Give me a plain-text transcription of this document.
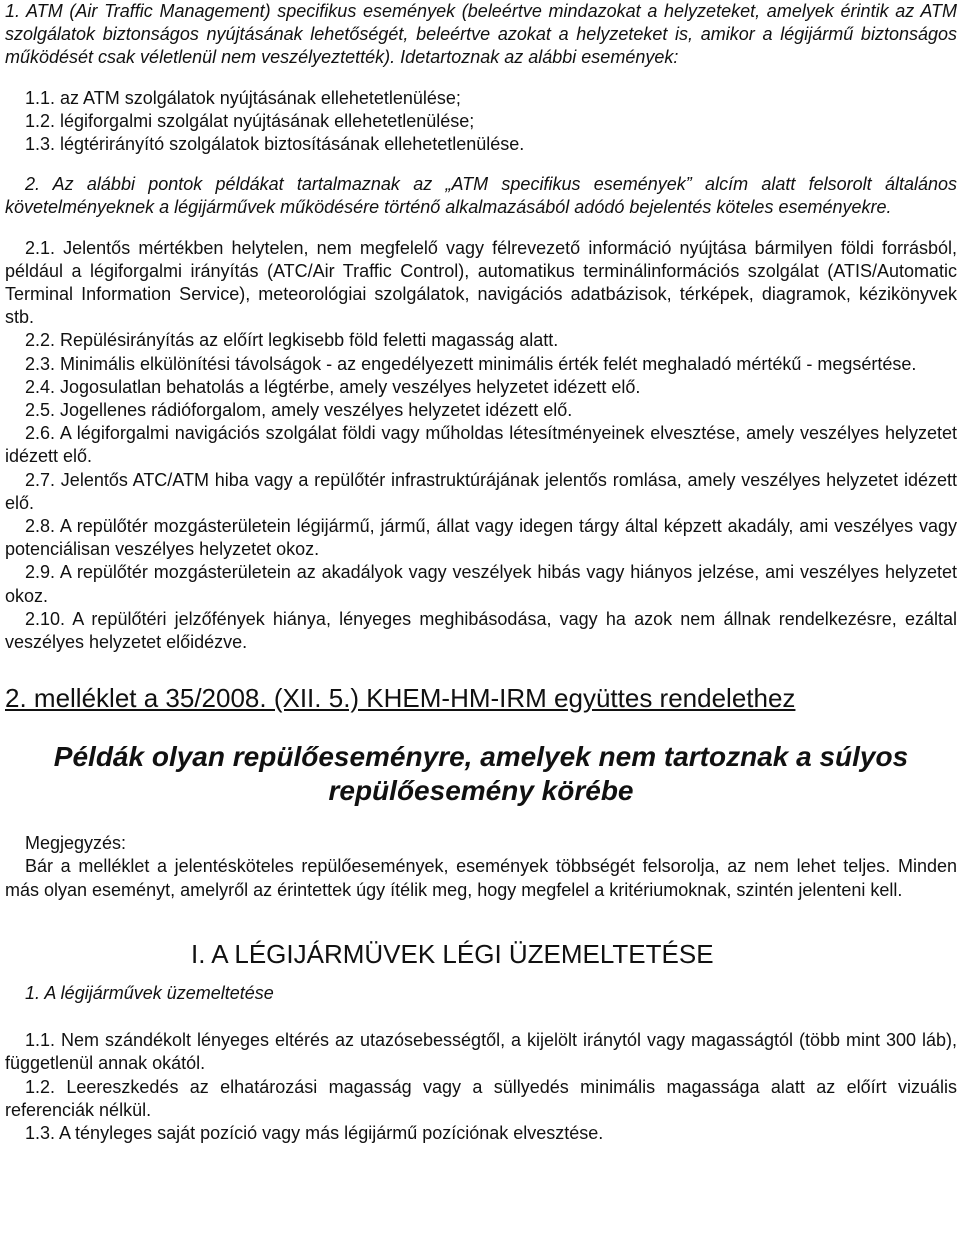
1. ATM (Air Traffic Management) specifikus események (beleértve mindazokat a helyzeteket, amelyek érintik az ATM szolgálatok biztonságos nyújtásának lehetőségét, beleértve azokat a helyzeteket is, amikor a légijármű biztonságos működését csak véletlenül nem veszélyeztették). Idetartoznak az alábbi események:

1.1. az ATM szolgálatok nyújtásának ellehetetlenülése;
1.2. légiforgalmi szolgálat nyújtásának ellehetetlenülése;
1.3. légtérirányító szolgálatok biztosításának ellehetetlenülése.

2. Az alábbi pontok példákat tartalmaznak az „ATM specifikus események” alcím alatt felsorolt általános követelményeknek a légijárművek működésére történő alkalmazásából adódó bejelentés köteles eseményekre.

2.1. Jelentős mértékben helytelen, nem megfelelő vagy félrevezető információ nyújtása bármilyen földi forrásból, például a légiforgalmi irányítás (ATC/Air Traffic Control), automatikus terminálinformációs szolgálat (ATIS/Automatic Terminal Information Service), meteorológiai szolgálatok, navigációs adatbázisok, térképek, diagramok, kézikönyvek stb.

2.2. Repülésirányítás az előírt legkisebb föld feletti magasság alatt.

2.3. Minimális elkülönítési távolságok - az engedélyezett minimális érték felét meghaladó mértékű - megsértése.

2.4. Jogosulatlan behatolás a légtérbe, amely veszélyes helyzetet idézett elő.

2.5. Jogellenes rádióforgalom, amely veszélyes helyzetet idézett elő.

2.6. A légiforgalmi navigációs szolgálat földi vagy műholdas létesítményeinek elvesztése, amely veszélyes helyzetet idézett elő.

2.7. Jelentős ATC/ATM hiba vagy a repülőtér infrastruktúrájának jelentős romlása, amely veszélyes helyzetet idézett elő.

2.8. A repülőtér mozgásterületein légijármű, jármű, állat vagy idegen tárgy által képzett akadály, ami veszélyes vagy potenciálisan veszélyes helyzetet okoz.

2.9. A repülőtér mozgásterületein az akadályok vagy veszélyek hibás vagy hiányos jelzése, ami veszélyes helyzetet okoz.

2.10. A repülőtéri jelzőfények hiánya, lényeges meghibásodása, vagy ha azok nem állnak rendelkezésre, ezáltal veszélyes helyzetet előidézve.

2. melléklet a 35/2008. (XII. 5.) KHEM-HM-IRM együttes rendelethez

Példák olyan repülőeseményre, amelyek nem tartoznak a súlyos
repülőesemény körébe

Megjegyzés:

Bár a melléklet a jelentésköteles repülőesemények, események többségét felsorolja, az nem lehet teljes. Minden más olyan eseményt, amelyről az érintettek úgy ítélik meg, hogy megfelel a kritériumoknak, szintén jelenteni kell.

I. A LÉGIJÁRMÜVEK LÉGI ÜZEMELTETÉSE

1. A légijárművek üzemeltetése

1.1. Nem szándékolt lényeges eltérés az utazósebességtől, a kijelölt iránytól vagy magasságtól (több mint 300 láb), függetlenül annak okától.

1.2. Leereszkedés az elhatározási magasság vagy a süllyedés minimális magassága alatt az előírt vizuális referenciák nélkül.

1.3. A tényleges saját pozíció vagy más légijármű pozíciónak elvesztése.
